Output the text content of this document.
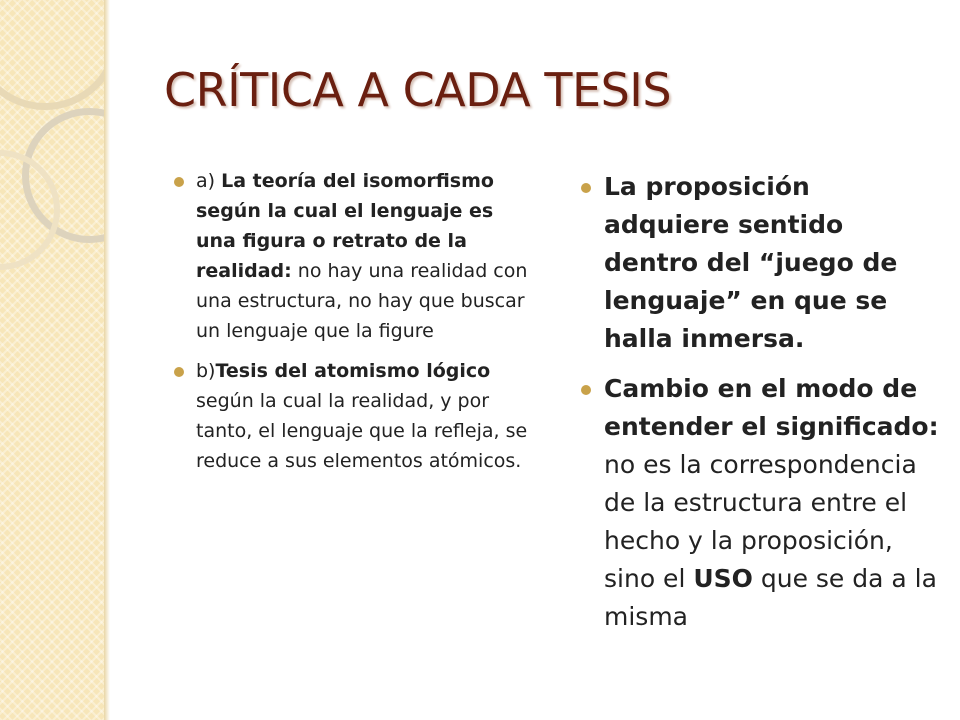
CRÍTICA A CADA TESIS
a) La teoría del isomorfismo según la cual el lenguaje es una figura o retrato de la realidad: no hay una realidad con una estructura, no hay que buscar un lenguaje que la figure
b)Tesis del atomismo lógico según la cual la realidad, y por tanto, el lenguaje que la refleja, se reduce a sus elementos atómicos.
La proposición adquiere sentido dentro del “juego de lenguaje” en que se halla inmersa.
Cambio en el modo de entender el significado: no es la correspondencia de la estructura entre el hecho y la proposición, sino el USO que se da a la misma
